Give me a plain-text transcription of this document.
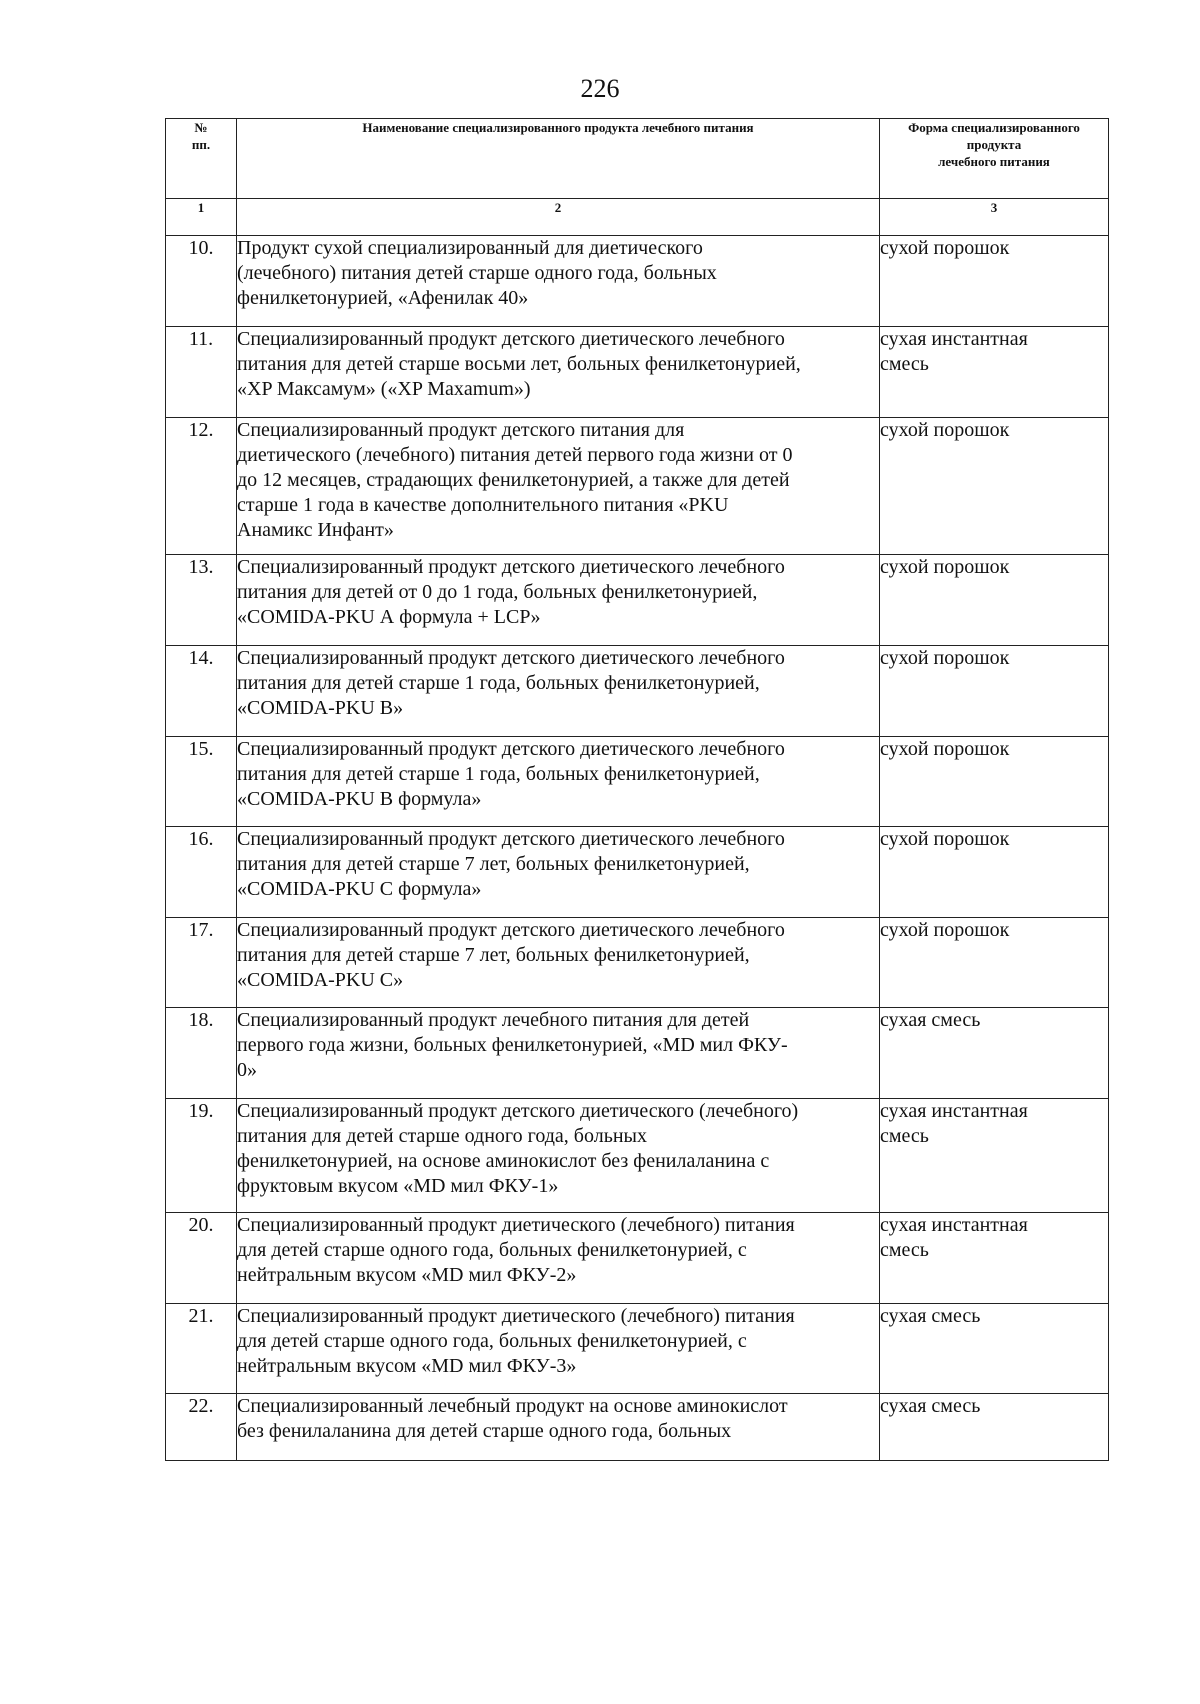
226
№
пп.	Наименование специализированного продукта лечебного питания	Форма специализированного
продукта
лечебного питания
1	2	3
10.	Продукт сухой специализированный для диетического
(лечебного) питания детей старше одного года, больных
фенилкетонурией, «Афенилак 40»	сухой порошок
11.	Специализированный продукт детского диетического лечебного
питания для детей старше восьми лет, больных фенилкетонурией,
«XP Максамум» («XP Maxamum»)	сухая инстантная
смесь
12.	Специализированный продукт детского питания для
диетического (лечебного) питания детей первого года жизни от 0
до 12 месяцев, страдающих фенилкетонурией, а также для детей
старше 1 года в качестве дополнительного питания «PKU
Анамикс Инфант»	сухой порошок
13.	Специализированный продукт детского диетического лечебного
питания для детей от 0 до 1 года, больных фенилкетонурией,
«COMIDA-PKU А формула + LCP»	сухой порошок
14.	Специализированный продукт детского диетического лечебного
питания для детей старше 1 года, больных фенилкетонурией,
«COMIDA-PKU В»	сухой порошок
15.	Специализированный продукт детского диетического лечебного
питания для детей старше 1 года, больных фенилкетонурией,
«COMIDA-PKU В формула»	сухой порошок
16.	Специализированный продукт детского диетического лечебного
питания для детей старше 7 лет, больных фенилкетонурией,
«COMIDA-PKU С формула»	сухой порошок
17.	Специализированный продукт детского диетического лечебного
питания для детей старше 7 лет, больных фенилкетонурией,
«COMIDA-PKU С»	сухой порошок
18.	Специализированный продукт лечебного питания для детей
первого года жизни, больных фенилкетонурией, «MD мил ФКУ-
0»	сухая смесь
19.	Специализированный продукт детского диетического (лечебного)
питания для детей старше одного года, больных
фенилкетонурией, на основе аминокислот без фенилаланина с
фруктовым вкусом «MD мил ФКУ-1»	сухая инстантная
смесь
20.	Специализированный продукт диетического (лечебного) питания
для детей старше одного года, больных фенилкетонурией, с
нейтральным вкусом «MD мил ФКУ-2»	сухая инстантная
смесь
21.	Специализированный продукт диетического (лечебного) питания
для детей старше одного года, больных фенилкетонурией, с
нейтральным вкусом «MD мил ФКУ-3»	сухая смесь
22.	Специализированный лечебный продукт на основе аминокислот
без фенилаланина для детей старше одного года, больных	сухая смесь
